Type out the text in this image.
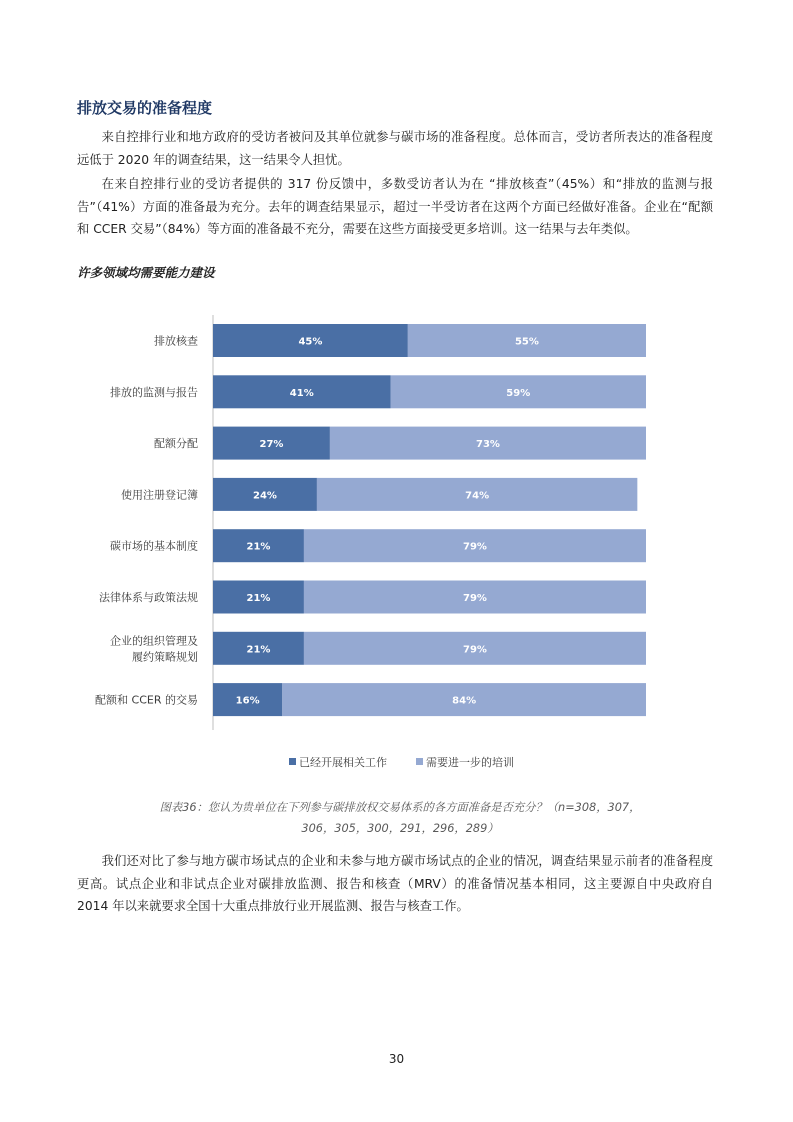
排放交易的准备程度

来自控排行业和地方政府的受访者被问及其单位就参与碳市场的准备程度。总体而言，受访者所表达的准备程度远低于 2020 年的调查结果，这一结果令人担忧。

在来自控排行业的受访者提供的 317 份反馈中，多数受访者认为在 “排放核查”（45%）和“排放的监测与报告”（41%）方面的准备最为充分。去年的调查结果显示，超过一半受访者在这两个方面已经做好准备。企业在“配额和 CCER 交易”（84%）等方面的准备最不充分，需要在这些方面接受更多培训。这一结果与去年类似。

许多领域均需要能力建设

排放核查	45%	55%
排放的监测与报告	41%	59%
配额分配	27%	73%
使用注册登记簿	24%	74%
碳市场的基本制度	21%	79%
法律体系与政策法规	21%	79%
企业的组织管理及履约策略规划
21%	79%
配额和 CCER 的交易	16%	84%
已经开展相关工作	需要进一步的培训
图表36：您认为贵单位在下列参与碳排放权交易体系的各方面准备是否充分？（n=308，307，
306，305，300，291，296，289）

我们还对比了参与地方碳市场试点的企业和未参与地方碳市场试点的企业的情况，调查结果显示前者的准备程度更高。试点企业和非试点企业对碳排放监测、报告和核查（MRV）的准备情况基本相同，这主要源自中央政府自 2014 年以来就要求全国十大重点排放行业开展监测、报告与核查工作。

30
